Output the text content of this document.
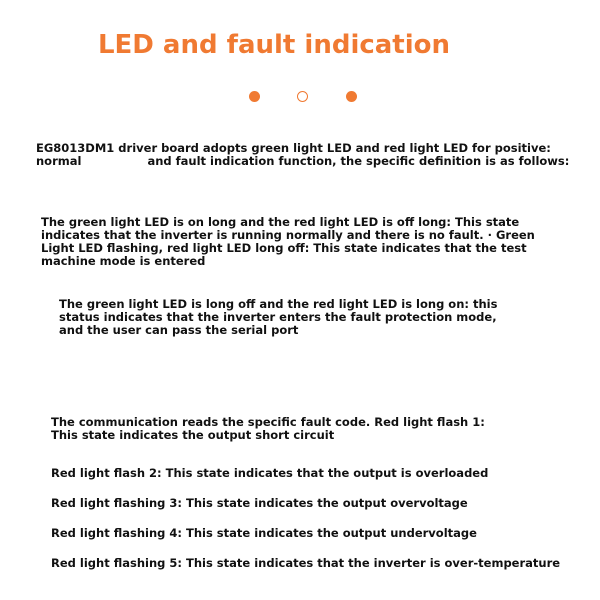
LED and fault indication

EG8013DM1 driver board adopts green light LED and red light LED for positive:
normal	and fault indication function, the specific definition is as follows:

The green light LED is on long and the red light LED is off long: This state indicates that the inverter is running normally and there is no fault. · Green Light LED flashing, red light LED long off: This state indicates that the test machine mode is entered

The green light LED is long off and the red light LED is long on: this status indicates that the inverter enters the fault protection mode, and the user can pass the serial port

The communication reads the specific fault code. Red light flash 1: This state indicates the output short circuit

Red light flash 2: This state indicates that the output is overloaded

Red light flashing 3: This state indicates the output overvoltage

Red light flashing 4: This state indicates the output undervoltage

Red light flashing 5: This state indicates that the inverter is over-temperature
